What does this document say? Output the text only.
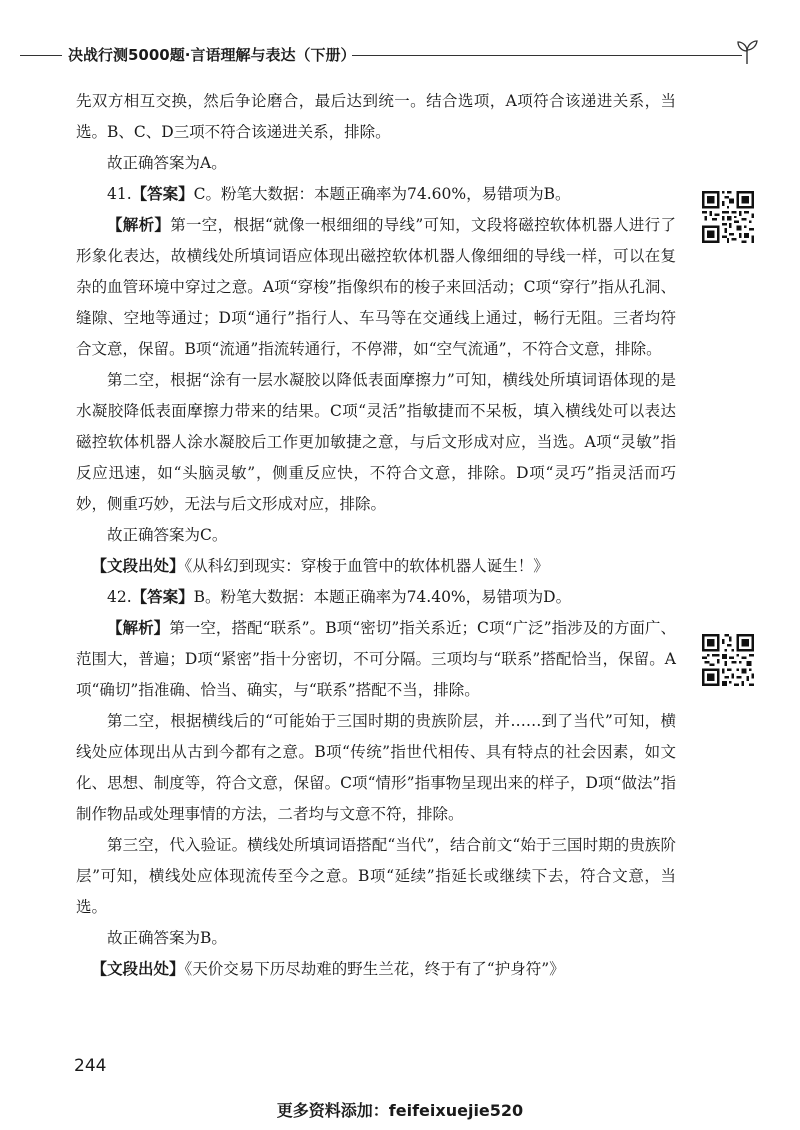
决战行测5000题·言语理解与表达（下册）

先双方相互交换，然后争论磨合，最后达到统一。结合选项，A项符合该递进关系，当选。B、C、D三项不符合该递进关系，排除。

故正确答案为A。

41.【答案】C。粉笔大数据：本题正确率为74.60%，易错项为B。

【解析】第一空，根据“就像一根细细的导线”可知，文段将磁控软体机器人进行了形象化表达，故横线处所填词语应体现出磁控软体机器人像细细的导线一样，可以在复杂的血管环境中穿过之意。A项“穿梭”指像织布的梭子来回活动；C项“穿行”指从孔洞、缝隙、空地等通过；D项“通行”指行人、车马等在交通线上通过，畅行无阻。三者均符合文意，保留。B项“流通”指流转通行，不停滞，如“空气流通”，不符合文意，排除。

第二空，根据“涂有一层水凝胶以降低表面摩擦力”可知，横线处所填词语体现的是水凝胶降低表面摩擦力带来的结果。C项“灵活”指敏捷而不呆板，填入横线处可以表达磁控软体机器人涂水凝胶后工作更加敏捷之意，与后文形成对应，当选。A项“灵敏”指反应迅速，如“头脑灵敏”，侧重反应快，不符合文意，排除。D项“灵巧”指灵活而巧妙，侧重巧妙，无法与后文形成对应，排除。

故正确答案为C。

【文段出处】《从科幻到现实：穿梭于血管中的软体机器人诞生！》

42.【答案】B。粉笔大数据：本题正确率为74.40%，易错项为D。

【解析】第一空，搭配“联系”。B项“密切”指关系近；C项“广泛”指涉及的方面广、范围大，普遍；D项“紧密”指十分密切，不可分隔。三项均与“联系”搭配恰当，保留。A项“确切”指准确、恰当、确实，与“联系”搭配不当，排除。

第二空，根据横线后的“可能始于三国时期的贵族阶层，并……到了当代”可知，横线处应体现出从古到今都有之意。B项“传统”指世代相传、具有特点的社会因素，如文化、思想、制度等，符合文意，保留。C项“情形”指事物呈现出来的样子，D项“做法”指制作物品或处理事情的方法，二者均与文意不符，排除。

第三空，代入验证。横线处所填词语搭配“当代”，结合前文“始于三国时期的贵族阶层”可知，横线处应体现流传至今之意。B项“延续”指延长或继续下去，符合文意，当选。

故正确答案为B。

【文段出处】《天价交易下历尽劫难的野生兰花，终于有了“护身符”》

244
更多资料添加：feifeixuejie520
